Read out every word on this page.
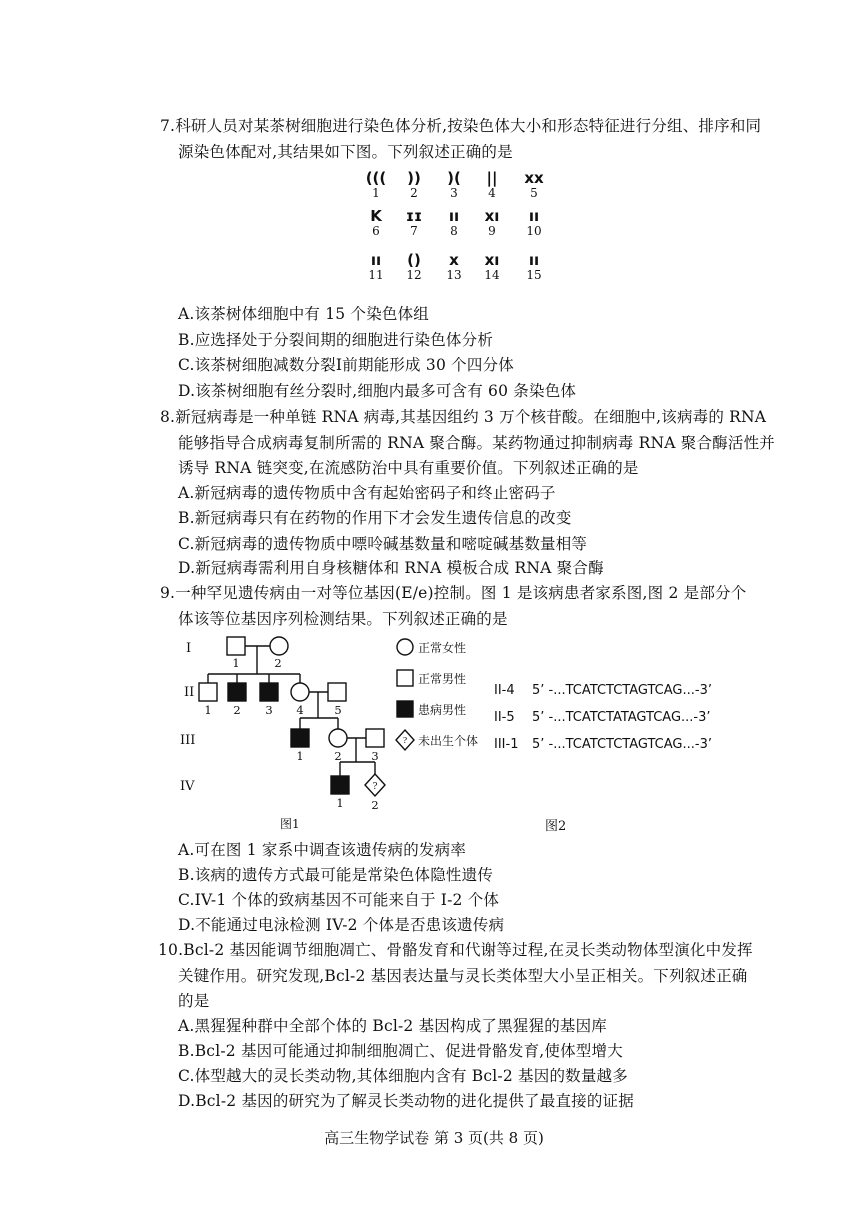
7.科研人员对某茶树细胞进行染色体分析,按染色体大小和形态特征进行分组、排序和同
源染色体配对,其结果如下图。下列叙述正确的是
(((
1
))
2
)(
3
||
4
xx
5
K
6
ɪɪ
7
ıı
8
xı
9
ıı
10
ıı
11
()
12
x
13
xı
14
ıı
15
A.该茶树体细胞中有 15 个染色体组
B.应选择处于分裂间期的细胞进行染色体分析
C.该茶树细胞减数分裂Ⅰ前期能形成 30 个四分体
D.该茶树细胞有丝分裂时,细胞内最多可含有 60 条染色体
8.新冠病毒是一种单链 RNA 病毒,其基因组约 3 万个核苷酸。在细胞中,该病毒的 RNA
能够指导合成病毒复制所需的 RNA 聚合酶。某药物通过抑制病毒 RNA 聚合酶活性并
诱导 RNA 链突变,在流感防治中具有重要价值。下列叙述正确的是
A.新冠病毒的遗传物质中含有起始密码子和终止密码子
B.新冠病毒只有在药物的作用下才会发生遗传信息的改变
C.新冠病毒的遗传物质中嘌呤碱基数量和嘧啶碱基数量相等
D.新冠病毒需利用自身核糖体和 RNA 模板合成 RNA 聚合酶
9.一种罕见遗传病由一对等位基因(E/e)控制。图 1 是该病患者家系图,图 2 是部分个
体该等位基因序列检测结果。下列叙述正确的是
I
II
III
IV
1	2
1 2 3 4	5
1	2	3
1 2
?
?
正常女性
正常男性
患病男性
未出生个体
图1
II-4 5’ -...TCATCTCTAGTCAG...-3’
II-5 5’ -...TCATCTATAGTCAG...-3’
III-1 5’ -...TCATCTCTAGTCAG...-3’
图2
A.可在图 1 家系中调查该遗传病的发病率
B.该病的遗传方式最可能是常染色体隐性遗传
C.IV-1 个体的致病基因不可能来自于 I-2 个体
D.不能通过电泳检测 IV-2 个体是否患该遗传病
10.Bcl-2 基因能调节细胞凋亡、骨骼发育和代谢等过程,在灵长类动物体型演化中发挥
关键作用。研究发现,Bcl-2 基因表达量与灵长类体型大小呈正相关。下列叙述正确
的是
A.黑猩猩种群中全部个体的 Bcl-2 基因构成了黑猩猩的基因库
B.Bcl-2 基因可能通过抑制细胞凋亡、促进骨骼发育,使体型增大
C.体型越大的灵长类动物,其体细胞内含有 Bcl-2 基因的数量越多
D.Bcl-2 基因的研究为了解灵长类动物的进化提供了最直接的证据
高三生物学试卷 第 3 页(共 8 页)
